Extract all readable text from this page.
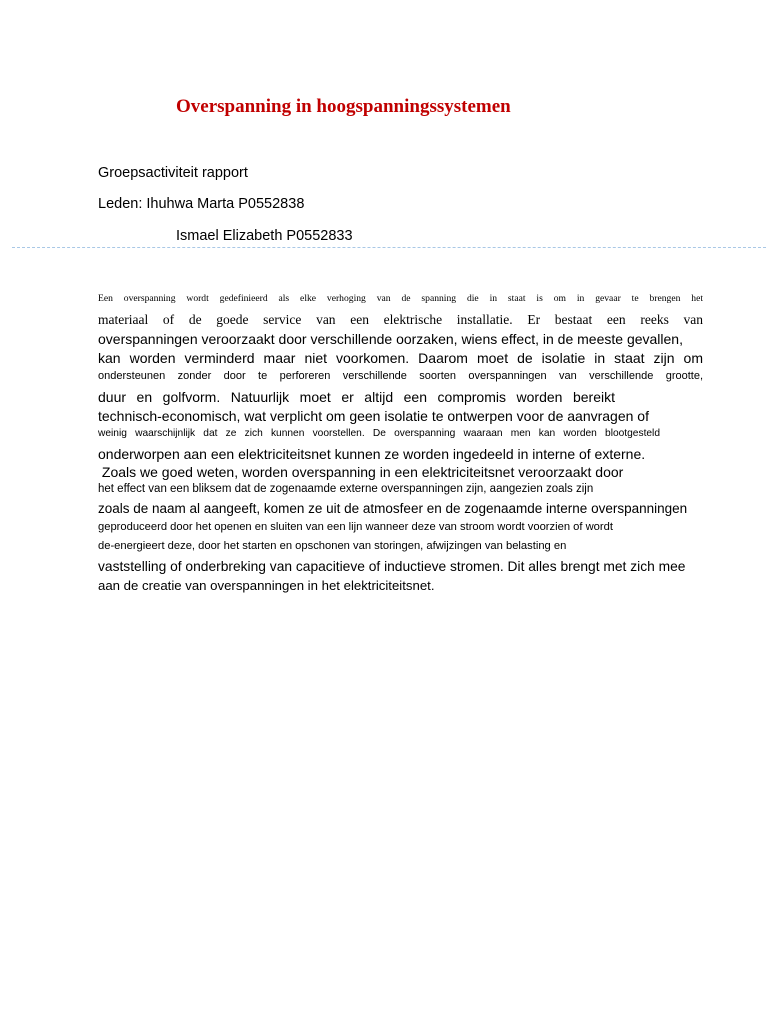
Overspanning in hoogspanningssystemen
Groepsactiviteit rapport
Leden: Ihuhwa Marta P0552838
Ismael Elizabeth P0552833
Een overspanning wordt gedefinieerd als elke verhoging van de spanning die in staat is om in gevaar te brengen het
materiaal of de goede service van een elektrische installatie. Er bestaat een reeks van
overspanningen veroorzaakt door verschillende oorzaken, wiens effect, in de meeste gevallen,
kan worden verminderd maar niet voorkomen. Daarom moet de isolatie in staat zijn om
ondersteunen zonder door te perforeren verschillende soorten overspanningen van verschillende grootte,
duur en golfvorm. Natuurlijk moet er altijd een compromis worden bereikt
technisch-economisch, wat verplicht om geen isolatie te ontwerpen voor de aanvragen of
weinig waarschijnlijk dat ze zich kunnen voorstellen. De overspanning waaraan men kan worden blootgesteld
onderworpen aan een elektriciteitsnet kunnen ze worden ingedeeld in interne of externe.
Zoals we goed weten, worden overspanning in een elektriciteitsnet veroorzaakt door
het effect van een bliksem dat de zogenaamde externe overspanningen zijn, aangezien zoals zijn
zoals de naam al aangeeft, komen ze uit de atmosfeer en de zogenaamde interne overspanningen
geproduceerd door het openen en sluiten van een lijn wanneer deze van stroom wordt voorzien of wordt
de-energieert deze, door het starten en opschonen van storingen, afwijzingen van belasting en
vaststelling of onderbreking van capacitieve of inductieve stromen. Dit alles brengt met zich mee
aan de creatie van overspanningen in het elektriciteitsnet.
